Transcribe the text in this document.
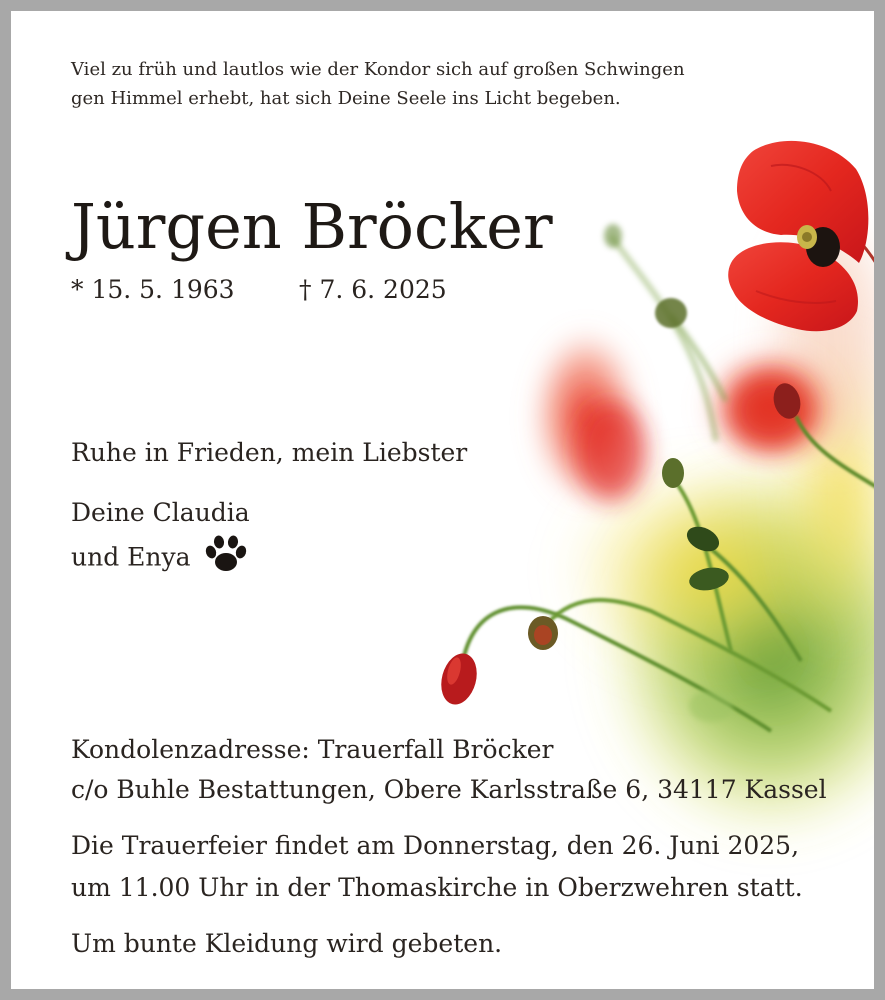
Viel zu früh und lautlos wie der Kondor sich auf großen Schwingen
gen Himmel erhebt, hat sich Deine Seele ins Licht begeben.
Jürgen Bröcker
* 15. 5. 1963	† 7. 6. 2025
Ruhe in Frieden, mein Liebster
Deine Claudia
und Enya
Kondolenzadresse: Trauerfall Bröcker
c/o Buhle Bestattungen, Obere Karlsstraße 6, 34117 Kassel
Die Trauerfeier findet am Donnerstag, den 26. Juni 2025,
um 11.00 Uhr in der Thomaskirche in Oberzwehren statt.
Um bunte Kleidung wird gebeten.
